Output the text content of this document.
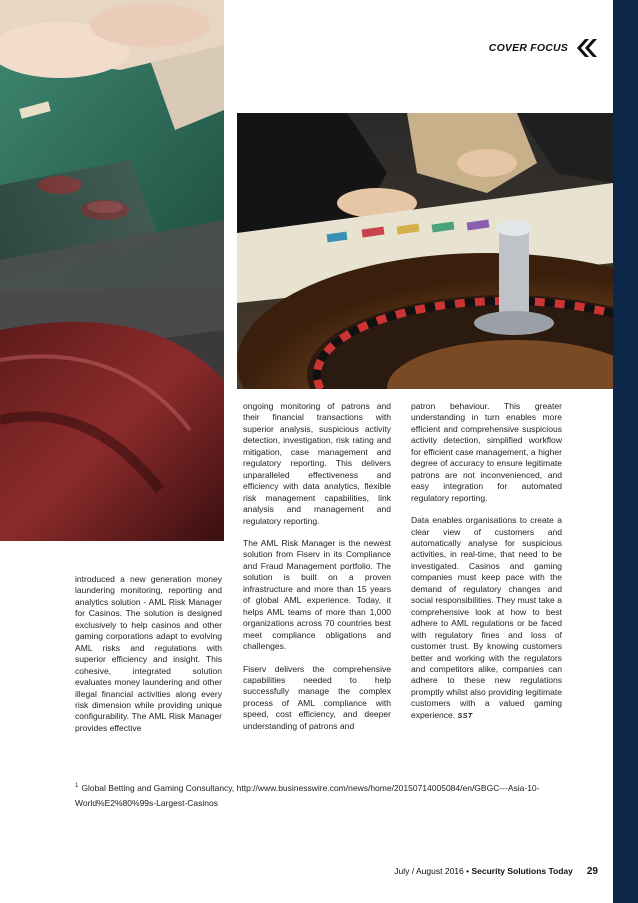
COVER FOCUS

introduced a new generation money laundering monitoring, reporting and analytics solution - AML Risk Manager for Casinos. The solution is designed exclusively to help casinos and other gaming corporations adapt to evolving AML risks and regulations with superior efficiency and insight. This cohesive, integrated solution evaluates money laundering and other illegal financial activities along every risk dimension while providing unique configurability. The AML Risk Manager provides effective

ongoing monitoring of patrons and their financial transactions with superior analysis, suspicious activity detection, investigation, risk rating and mitigation, case management and regulatory reporting. This delivers unparalleled effectiveness and efficiency with data analytics, flexible risk management capabilities, link analysis and management and regulatory reporting.

The AML Risk Manager is the newest solution from Fiserv in its Compliance and Fraud Management portfolio. The solution is built on a proven infrastructure and more than 15 years of global AML experience. Today, it helps AML teams of more than 1,000 organizations across 70 countries best meet compliance obligations and challenges.

Fiserv delivers the comprehensive capabilities needed to help successfully manage the complex process of AML compliance with speed, cost efficiency, and deeper understanding of patrons and

patron behaviour. This greater understanding in turn enables more efficient and comprehensive suspicious activity detection, simplified workflow for efficient case management, a higher degree of accuracy to ensure legitimate patrons are not inconvenienced, and easy integration for automated regulatory reporting.

Data enables organisations to create a clear view of customers and automatically analyse for suspicious activities, in real-time, that need to be investigated. Casinos and gaming companies must keep pace with the demand of regulatory changes and social responsibilities. They must take a comprehensive look at how to best adhere to AML regulations or be faced with regulatory fines and loss of customer trust. By knowing customers better and working with the regulators and competitors alike, companies can adhere to these new regulations promptly whilst also providing legitimate customers with a valued gaming experience. SST

$^1$ Global Betting and Gaming Consultancy, http://www.businesswire.com/news/home/20150714005084/en/GBGC---Asia-10-World%E2%80%99s-Largest-Casinos
July / August 2016
•
Security Solutions Today 29
